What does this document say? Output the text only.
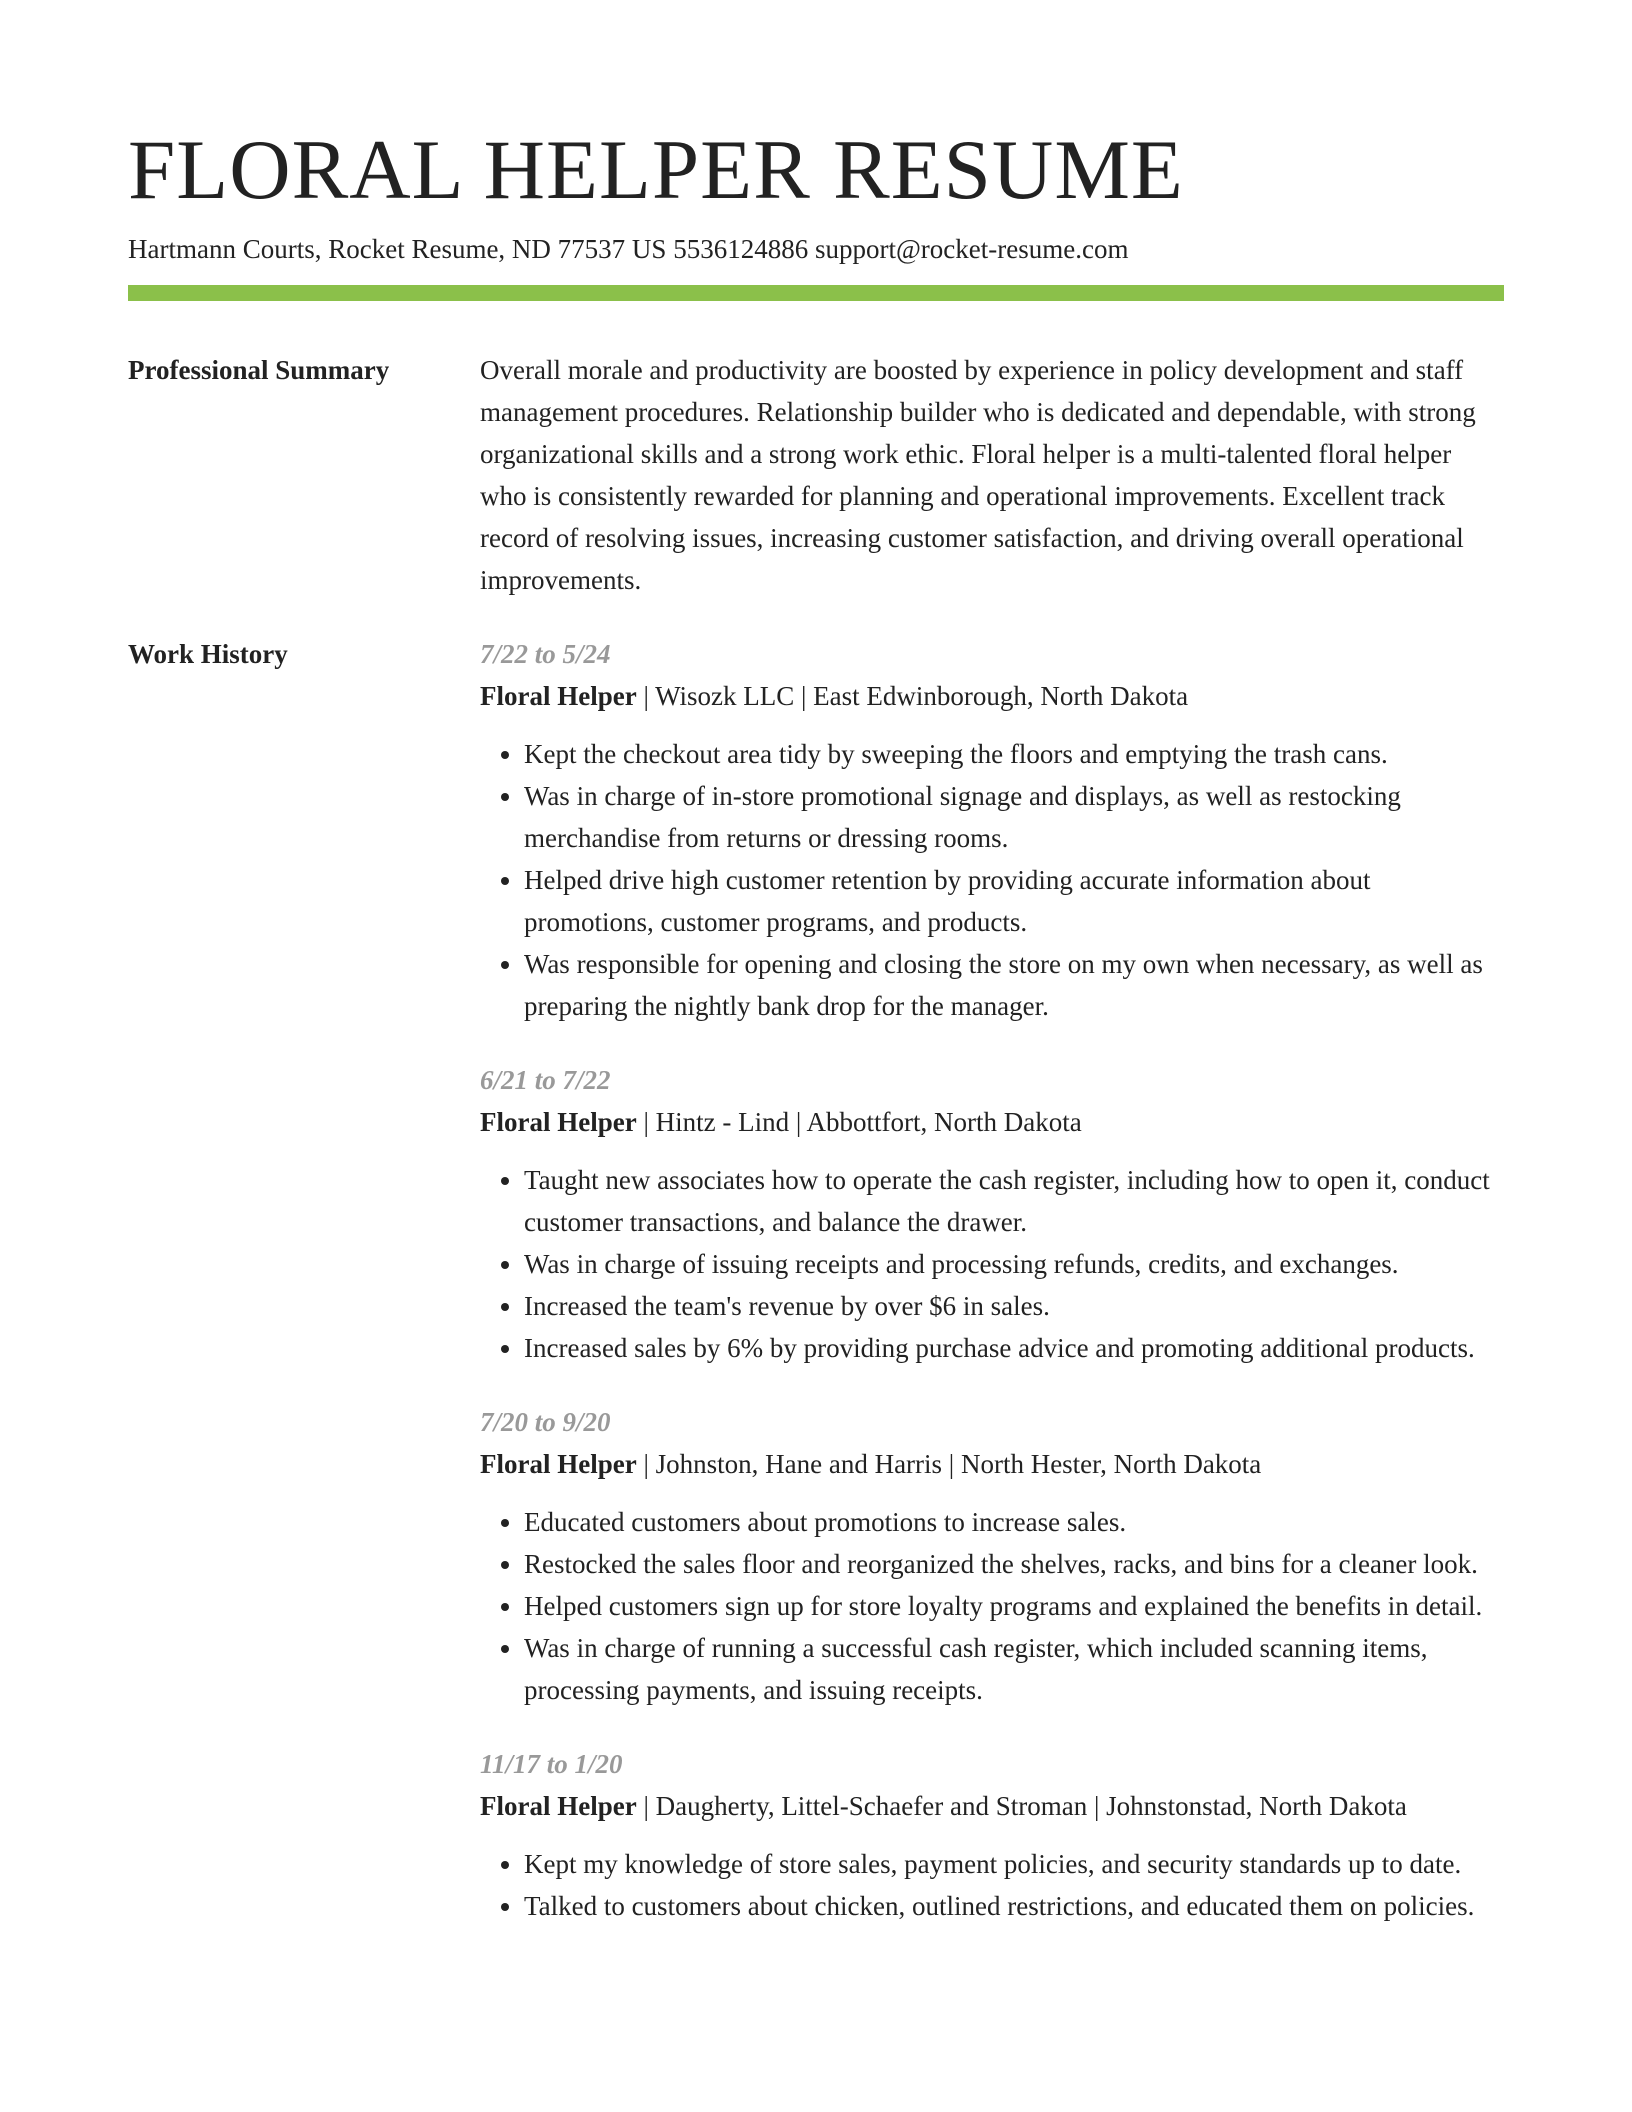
FLORAL HELPER RESUME
Hartmann Courts, Rocket Resume, ND 77537 US 5536124886 support@rocket-resume.com
Professional Summary	Overall morale and productivity are boosted by experience in policy development and staff management procedures. Relationship builder who is dedicated and dependable, with strong organizational skills and a strong work ethic. Floral helper is a multi-talented floral helper who is consistently rewarded for planning and operational improvements. Excellent track record of resolving issues, increasing customer satisfaction, and driving overall operational improvements.

Work History	7/22 to 5/24
Floral Helper | Wisozk LLC | East Edwinborough, North Dakota
• Kept the checkout area tidy by sweeping the floors and emptying the trash cans.
• Was in charge of in-store promotional signage and displays, as well as restocking merchandise from returns or dressing rooms.
• Helped drive high customer retention by providing accurate information about promotions, customer programs, and products.
• Was responsible for opening and closing the store on my own when necessary, as well as preparing the nightly bank drop for the manager.
6/21 to 7/22
Floral Helper | Hintz - Lind | Abbottfort, North Dakota
• Taught new associates how to operate the cash register, including how to open it, conduct customer transactions, and balance the drawer.
• Was in charge of issuing receipts and processing refunds, credits, and exchanges.
• Increased the team's revenue by over $6 in sales.
• Increased sales by 6% by providing purchase advice and promoting additional products.
7/20 to 9/20
Floral Helper | Johnston, Hane and Harris | North Hester, North Dakota
• Educated customers about promotions to increase sales.
• Restocked the sales floor and reorganized the shelves, racks, and bins for a cleaner look.
• Helped customers sign up for store loyalty programs and explained the benefits in detail.
• Was in charge of running a successful cash register, which included scanning items, processing payments, and issuing receipts.
11/17 to 1/20
Floral Helper | Daugherty, Littel-Schaefer and Stroman | Johnstonstad, North Dakota
• Kept my knowledge of store sales, payment policies, and security standards up to date.
• Talked to customers about chicken, outlined restrictions, and educated them on policies.
